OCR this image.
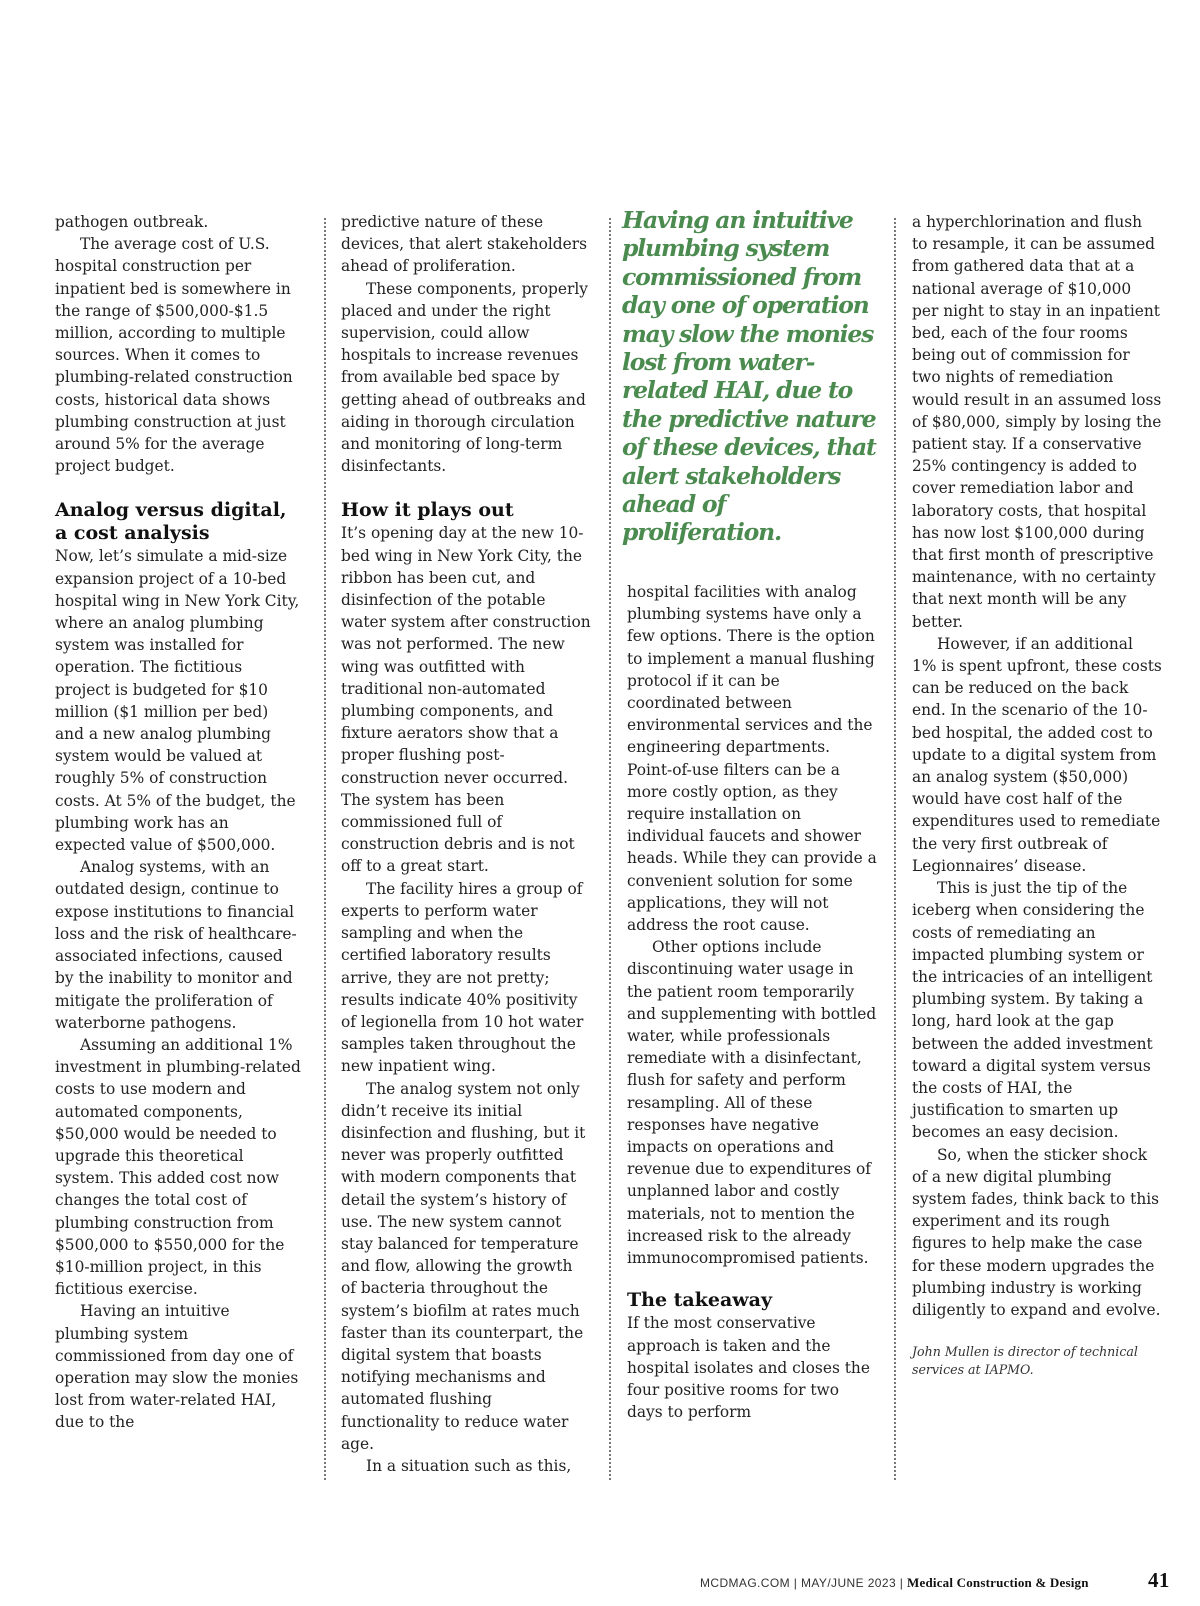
pathogen outbreak.

The average cost of U.S. hospital construction per inpatient bed is somewhere in the range of $500,000-$1.5 million, according to multiple sources. When it comes to plumbing-related construction costs, historical data shows plumbing construction at just around 5% for the average project budget.

Analog versus digital, a cost analysis

Now, let’s simulate a mid-size expansion project of a 10-bed hospital wing in New York City, where an analog plumbing system was installed for operation. The fictitious project is budgeted for $10 million ($1 million per bed) and a new analog plumbing system would be valued at roughly 5% of construction costs. At 5% of the budget, the plumbing work has an expected value of $500,000.

Analog systems, with an outdated design, continue to expose institutions to financial loss and the risk of healthcare-associated infections, caused by the inability to monitor and mitigate the proliferation of waterborne pathogens.

Assuming an additional 1% investment in plumbing-related costs to use modern and automated components, $50,000 would be needed to upgrade this theoretical system. This added cost now changes the total cost of plumbing construction from $500,000 to $550,000 for the $10-million project, in this fictitious exercise.

Having an intuitive plumbing system commissioned from day one of operation may slow the monies lost from water-related HAI, due to the

predictive nature of these devices, that alert stakeholders ahead of proliferation.

These components, properly placed and under the right supervision, could allow hospitals to increase revenues from available bed space by getting ahead of outbreaks and aiding in thorough circulation and monitoring of long-term disinfectants.

How it plays out

It’s opening day at the new 10-bed wing in New York City, the ribbon has been cut, and disinfection of the potable water system after construction was not performed. The new wing was outfitted with traditional non-automated plumbing components, and fixture aerators show that a proper flushing post-construction never occurred. The system has been commissioned full of construction debris and is not off to a great start.

The facility hires a group of experts to perform water sampling and when the certified laboratory results arrive, they are not pretty; results indicate 40% positivity of legionella from 10 hot water samples taken throughout the new inpatient wing.

The analog system not only didn’t receive its initial disinfection and flushing, but it never was properly outfitted with modern components that detail the system’s history of use. The new system cannot stay balanced for temperature and flow, allowing the growth of bacteria throughout the system’s biofilm at rates much faster than its counterpart, the digital system that boasts notifying mechanisms and automated flushing functionality to reduce water age.

In a situation such as this,

Having an intuitive plumbing system commissioned from day one of operation may slow the monies lost from water-related HAI, due to the predictive nature of these devices, that alert stakeholders ahead of proliferation.

hospital facilities with analog plumbing systems have only a few options. There is the option to implement a manual flushing protocol if it can be coordinated between environmental services and the engineering departments. Point-of-use filters can be a more costly option, as they require installation on individual faucets and shower heads. While they can provide a convenient solution for some applications, they will not address the root cause.

Other options include discontinuing water usage in the patient room temporarily and supplementing with bottled water, while professionals remediate with a disinfectant, flush for safety and perform resampling. All of these responses have negative impacts on operations and revenue due to expenditures of unplanned labor and costly materials, not to mention the increased risk to the already immunocompromised patients.

The takeaway

If the most conservative approach is taken and the hospital isolates and closes the four positive rooms for two days to perform

a hyperchlorination and flush to resample, it can be assumed from gathered data that at a national average of $10,000 per night to stay in an inpatient bed, each of the four rooms being out of commission for two nights of remediation would result in an assumed loss of $80,000, simply by losing the patient stay. If a conservative 25% contingency is added to cover remediation labor and laboratory costs, that hospital has now lost $100,000 during that first month of prescriptive maintenance, with no certainty that next month will be any better.

However, if an additional 1% is spent upfront, these costs can be reduced on the back end. In the scenario of the 10-bed hospital, the added cost to update to a digital system from an analog system ($50,000) would have cost half of the expenditures used to remediate the very first outbreak of Legionnaires’ disease.

This is just the tip of the iceberg when considering the costs of remediating an impacted plumbing system or the intricacies of an intelligent plumbing system. By taking a long, hard look at the gap between the added investment toward a digital system versus the costs of HAI, the justification to smarten up becomes an easy decision.

So, when the sticker shock of a new digital plumbing system fades, think back to this experiment and its rough figures to help make the case for these modern upgrades the plumbing industry is working diligently to expand and evolve.

John Mullen is director of technical services at IAPMO.

MCDMAG.COM | MAY/JUNE 2023 | Medical Construction & Design	41
